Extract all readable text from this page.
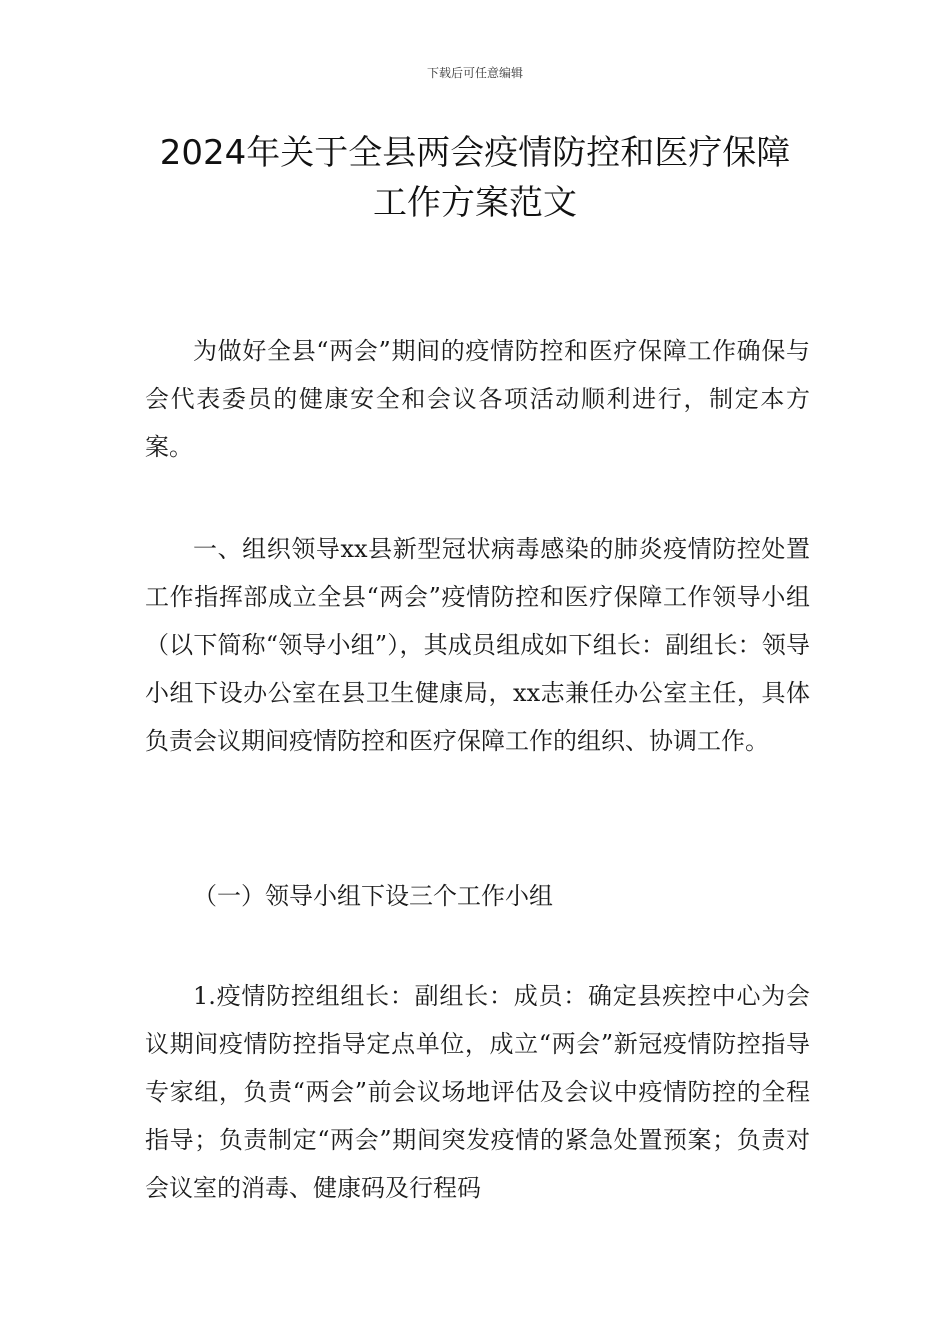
下载后可任意编辑
2024年关于全县两会疫情防控和医疗保障
工作方案范文

为做好全县“两会”期间的疫情防控和医疗保障工作确保与会代表委员的健康安全和会议各项活动顺利进行，制定本方案。

一、组织领导xx县新型冠状病毒感染的肺炎疫情防控处置工作指挥部成立全县“两会”疫情防控和医疗保障工作领导小组（以下简称“领导小组”），其成员组成如下组长：副组长：领导小组下设办公室在县卫生健康局，xx志兼任办公室主任，具体负责会议期间疫情防控和医疗保障工作的组织、协调工作。

（一）领导小组下设三个工作小组

1.疫情防控组组长：副组长：成员：确定县疾控中心为会议期间疫情防控指导定点单位，成立“两会”新冠疫情防控指导专家组，负责“两会”前会议场地评估及会议中疫情防控的全程指导；负责制定“两会”期间突发疫情的紧急处置预案；负责对会议室的消毒、健康码及行程码
